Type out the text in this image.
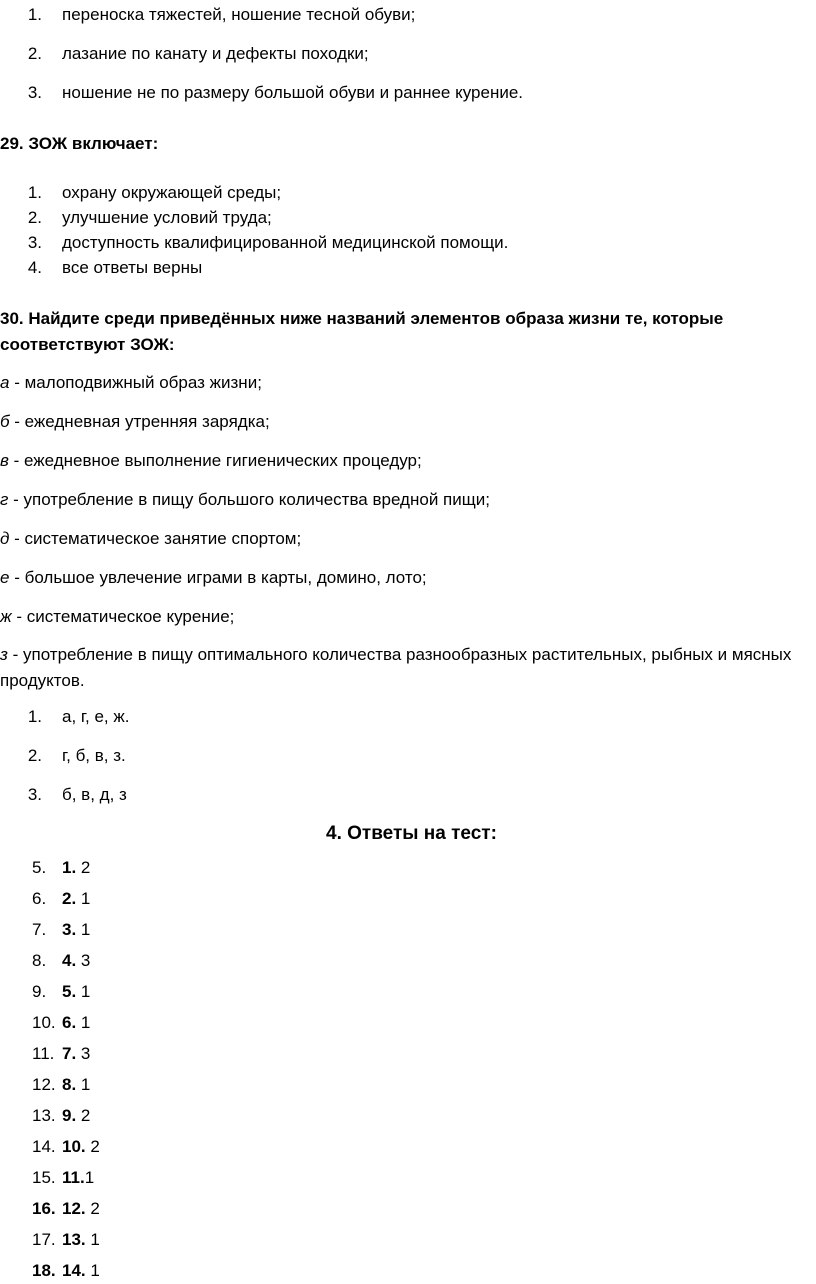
1. переноска тяжестей, ношение тесной обуви;
2. лазание по канату и дефекты походки;
3. ношение не по размеру большой обуви и раннее курение.
29. ЗОЖ включает:
1. охрану окружающей среды;
2. улучшение условий труда;
3. доступность квалифицированной медицинской помощи.
4. все ответы верны
30. Найдите среди приведённых ниже названий элементов образа жизни те, которые соответствуют ЗОЖ:
а - малоподвижный образ жизни;
б - ежедневная утренняя зарядка;
в - ежедневное выполнение гигиенических процедур;
г - употребление в пищу большого количества вредной пищи;
д - систематическое занятие спортом;
е - большое увлечение играми в карты, домино, лото;
ж - систематическое курение;
з - употребление в пищу оптимального количества разнообразных растительных, рыбных и мясных продуктов.
1. а, г, е, ж.
2. г, б, в, з.
3. б, в, д, з
4. Ответы на тест:
5. 1. 2
6. 2. 1
7. 3. 1
8. 4. 3
9. 5. 1
10. 6. 1
11. 7. 3
12. 8. 1
13. 9. 2
14. 10. 2
15. 11.1
16. 12. 2
17. 13. 1
18. 14. 1
